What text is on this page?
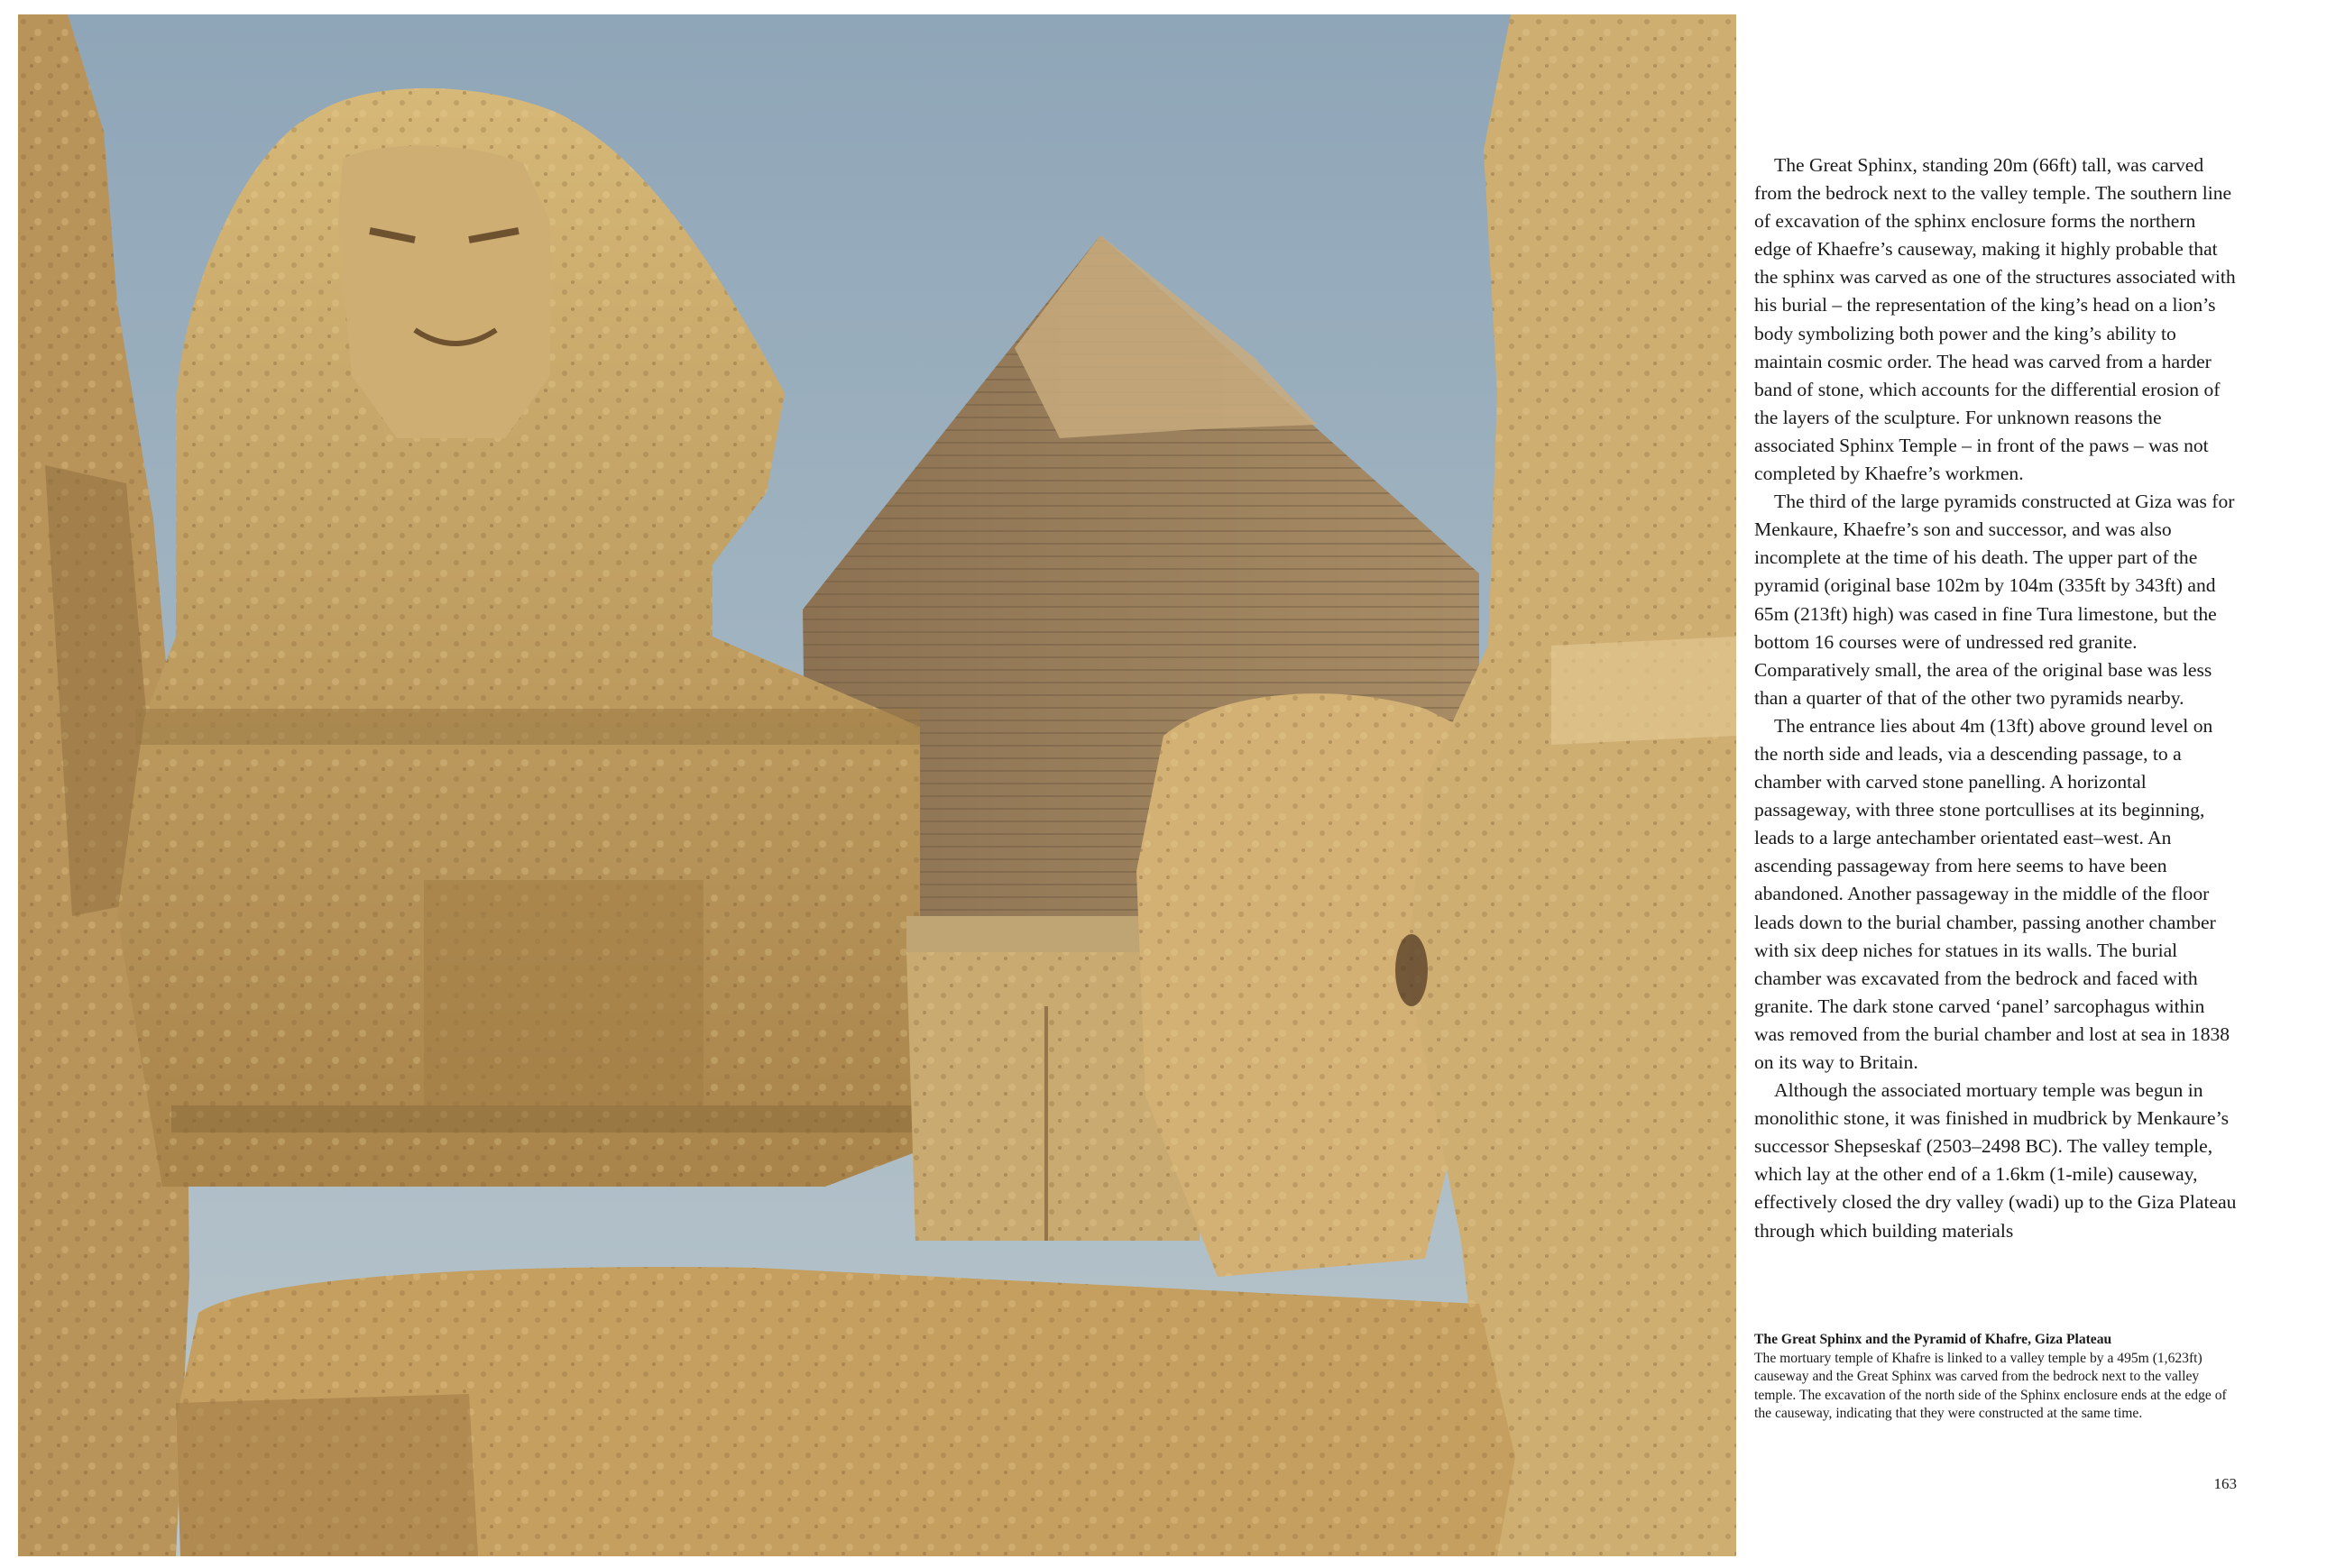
The Great Sphinx, standing 20m (66ft) tall, was carved from the bedrock next to the valley temple. The southern line of excavation of the sphinx enclosure forms the northern edge of Khaefre’s causeway, making it highly probable that the sphinx was carved as one of the structures associated with his burial – the representation of the king’s head on a lion’s body symbolizing both power and the king’s ability to maintain cosmic order. The head was carved from a harder band of stone, which accounts for the differential erosion of the layers of the sculpture. For unknown reasons the associated Sphinx Temple – in front of the paws – was not completed by Khaefre’s workmen.

The third of the large pyramids constructed at Giza was for Menkaure, Khaefre’s son and successor, and was also incomplete at the time of his death. The upper part of the pyramid (original base 102m by 104m (335ft by 343ft) and 65m (213ft) high) was cased in fine Tura limestone, but the bottom 16 courses were of undressed red granite. Comparatively small, the area of the original base was less than a quarter of that of the other two pyramids nearby.

The entrance lies about 4m (13ft) above ground level on the north side and leads, via a descending passage, to a chamber with carved stone panelling. A horizontal passageway, with three stone portcullises at its beginning, leads to a large antechamber orientated east–west. An ascending passageway from here seems to have been abandoned. Another passageway in the middle of the floor leads down to the burial chamber, passing another chamber with six deep niches for statues in its walls. The burial chamber was excavated from the bedrock and faced with granite. The dark stone carved ‘panel’ sarcophagus within was removed from the burial chamber and lost at sea in 1838 on its way to Britain.

Although the associated mortuary temple was begun in monolithic stone, it was finished in mudbrick by Menkaure’s successor Shepseskaf (2503–2498 BC). The valley temple, which lay at the other end of a 1.6km (1-mile) causeway, effectively closed the dry valley (wadi) up to the Giza Plateau through which building materials

The Great Sphinx and the Pyramid of Khafre, Giza Plateau
The mortuary temple of Khafre is linked to a valley temple by a 495m (1,623ft) causeway and the Great Sphinx was carved from the bedrock next to the valley temple. The excavation of the north side of the Sphinx enclosure ends at the edge of the causeway, indicating that they were constructed at the same time.
163
